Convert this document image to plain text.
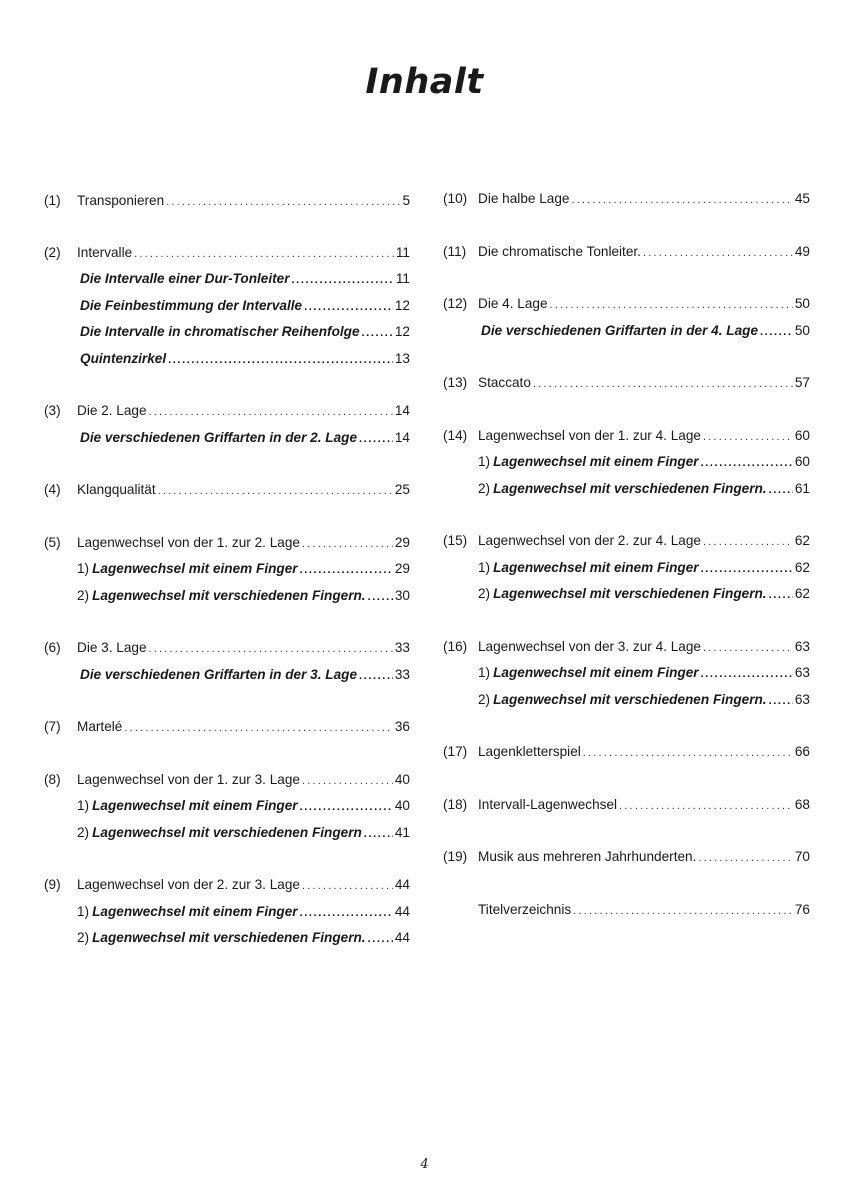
Inhalt
(1)	Transponieren .....	5
(2)	Intervalle .....	11
Die Intervalle einer Dur-Tonleiter .....	11
Die Feinbestimmung der Intervalle .....	12
Die Intervalle in chromatischer Reihenfolge .....	12
Quintenzirkel .....	13
(3)	Die 2. Lage .....	14
Die verschiedenen Griffarten in der 2. Lage .....	14
(4)	Klangqualität .....	25
(5)	Lagenwechsel von der 1. zur 2. Lage .....	29
1) Lagenwechsel mit einem Finger .....	29
2) Lagenwechsel mit verschiedenen Fingern. ..... 30
(6)	Die 3. Lage .....	33
Die verschiedenen Griffarten in der 3. Lage .....	33
(7)	Martelé .....	36
(8)	Lagenwechsel von der 1. zur 3. Lage .....	40
1) Lagenwechsel mit einem Finger .....	40
2) Lagenwechsel mit verschiedenen Fingern ..... 41
(9)	Lagenwechsel von der 2. zur 3. Lage .....	44
1) Lagenwechsel mit einem Finger .....	44
2) Lagenwechsel mit verschiedenen Fingern. ..... 44
(10) Die halbe Lage .....	45
(11) Die chromatische Tonleiter. .....	49
(12) Die 4. Lage .....	50
Die verschiedenen Griffarten in der 4. Lage .....	50
(13) Staccato .....	57
(14) Lagenwechsel von der 1. zur 4. Lage .....	60
1) Lagenwechsel mit einem Finger .....	60
2) Lagenwechsel mit verschiedenen Fingern. ..... 61
(15) Lagenwechsel von der 2. zur 4. Lage .....	62
1) Lagenwechsel mit einem Finger .....	62
2) Lagenwechsel mit verschiedenen Fingern. ..... 62
(16) Lagenwechsel von der 3. zur 4. Lage .....	63
1) Lagenwechsel mit einem Finger .....	63
2) Lagenwechsel mit verschiedenen Fingern. ..... 63
(17) Lagenkletterspiel .....	66
(18) Intervall-Lagenwechsel .....	68
(19) Musik aus mehreren Jahrhunderten. .....	70
Titelverzeichnis .....	76
4
